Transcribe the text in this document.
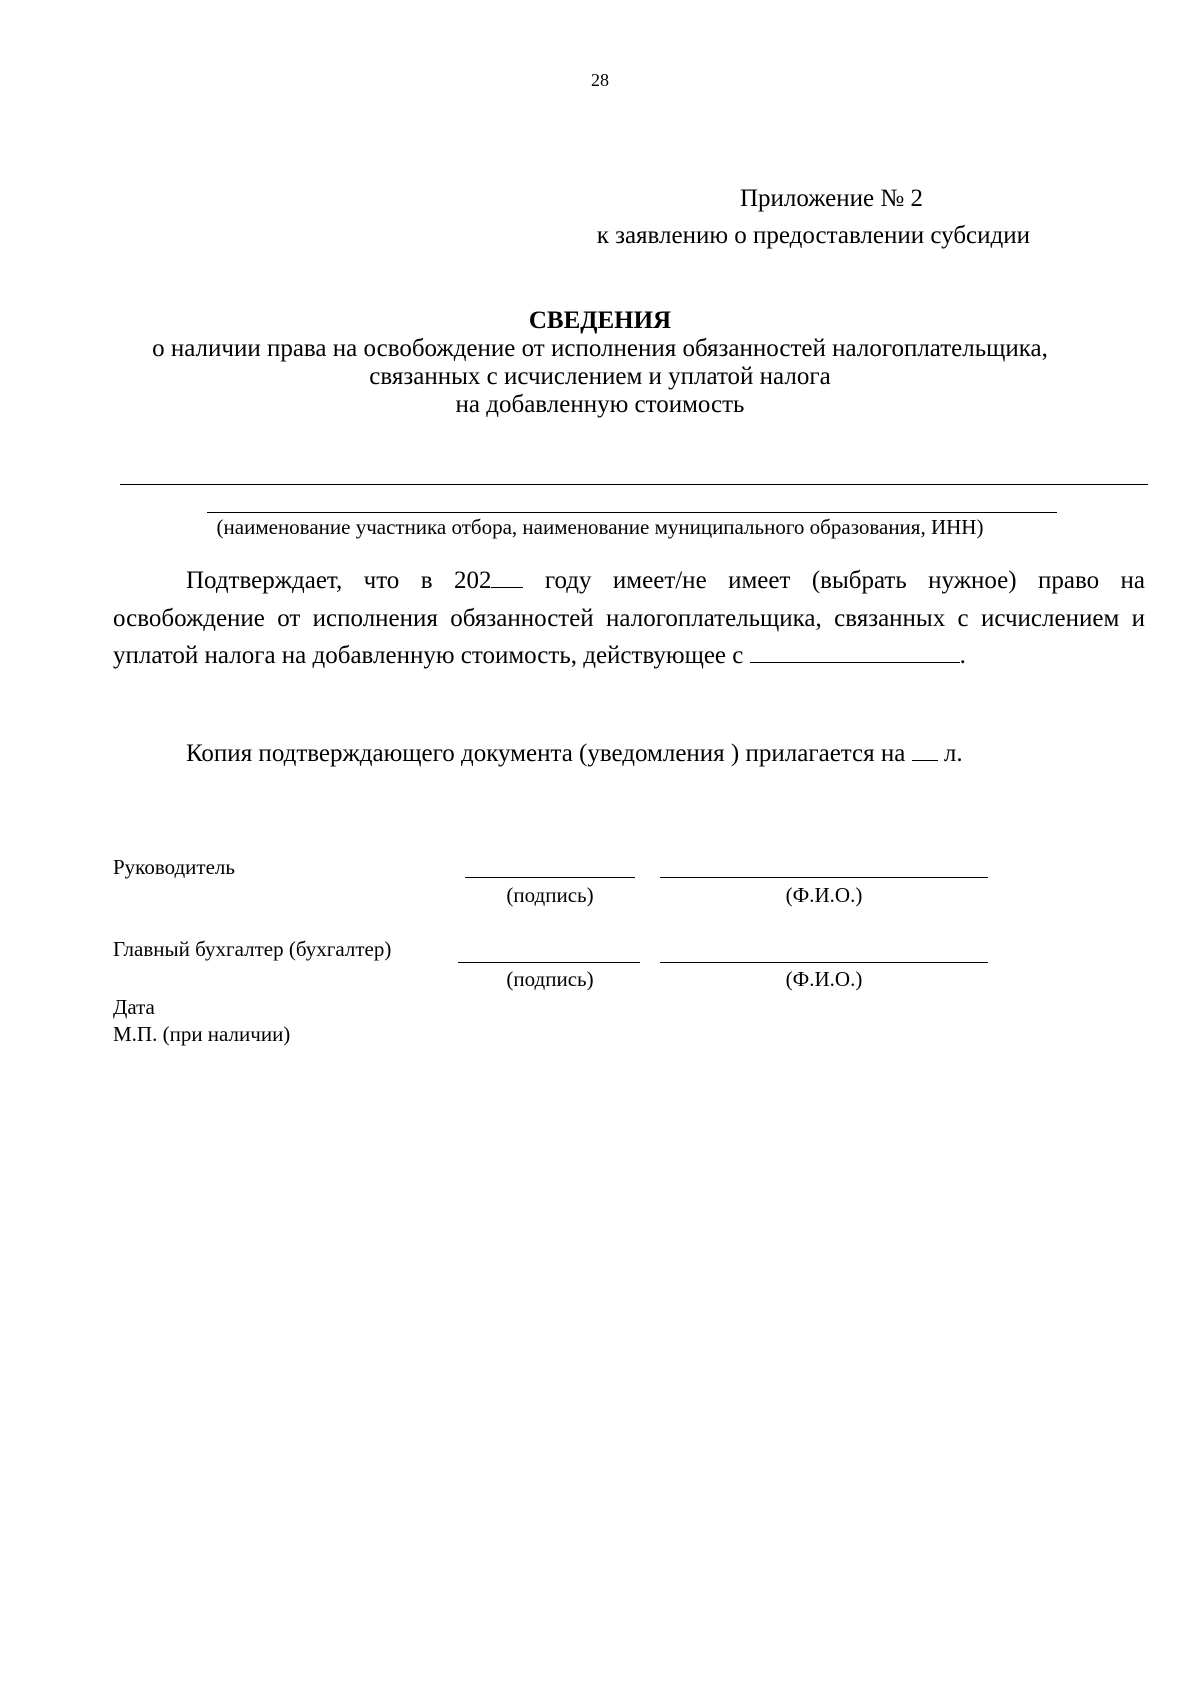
28
Приложение № 2
к заявлению о предоставлении субсидии
СВЕДЕНИЯ
о наличии права на освобождение от исполнения обязанностей налогоплательщика,
связанных с исчислением и уплатой налога
на добавленную стоимость
(наименование участника отбора, наименование муниципального образования, ИНН)
Подтверждает, что в 202 году имеет/не имеет (выбрать нужное) право на освобождение от исполнения обязанностей налогоплательщика, связанных с исчислением и уплатой налога на добавленную стоимость, действующее с	.
Копия подтверждающего документа (уведомления ) прилагается на л.
Руководитель
(подпись)	(Ф.И.О.)
Главный бухгалтер (бухгалтер)
(подпись)	(Ф.И.О.)
Дата
М.П. (при наличии)
